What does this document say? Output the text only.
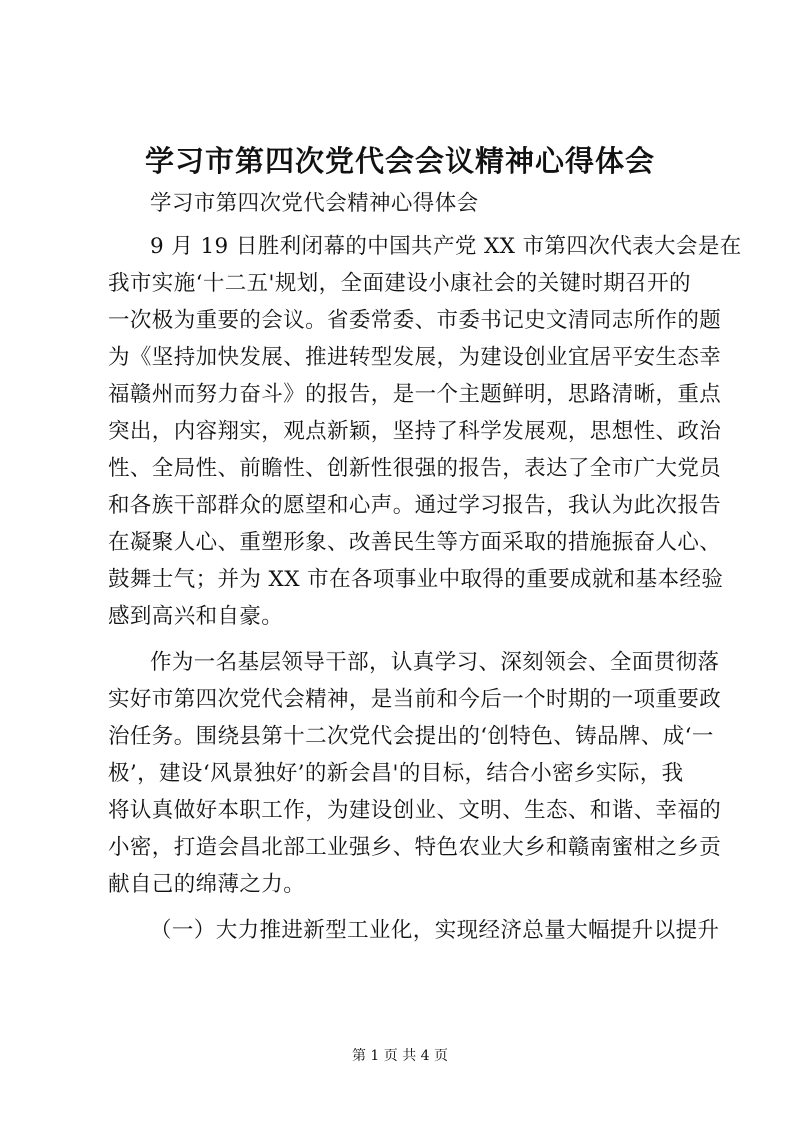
学习市第四次党代会会议精神心得体会
学习市第四次党代会精神心得体会
9 月 19 日胜利闭幕的中国共产党 XX 市第四次代表大会是在
我市实施‘十二五'规划，全面建设小康社会的关键时期召开的
一次极为重要的会议。省委常委、市委书记史文清同志所作的题
为《坚持加快发展、推进转型发展，为建设创业宜居平安生态幸
福赣州而努力奋斗》的报告，是一个主题鲜明，思路清晰，重点
突出，内容翔实，观点新颖，坚持了科学发展观，思想性、政治
性、全局性、前瞻性、创新性很强的报告，表达了全市广大党员
和各族干部群众的愿望和心声。通过学习报告，我认为此次报告
在凝聚人心、重塑形象、改善民生等方面采取的措施振奋人心、
鼓舞士气；并为 XX 市在各项事业中取得的重要成就和基本经验
感到高兴和自豪。
作为一名基层领导干部，认真学习、深刻领会、全面贯彻落
实好市第四次党代会精神，是当前和今后一个时期的一项重要政
治任务。围绕县第十二次党代会提出的‘创特色、铸品牌、成‘一
极’，建设‘风景独好’的新会昌'的目标，结合小密乡实际，我
将认真做好本职工作，为建设创业、文明、生态、和谐、幸福的
小密，打造会昌北部工业强乡、特色农业大乡和赣南蜜柑之乡贡
献自己的绵薄之力。
（一）大力推进新型工业化，实现经济总量大幅提升以提升
第 1 页 共 4 页
